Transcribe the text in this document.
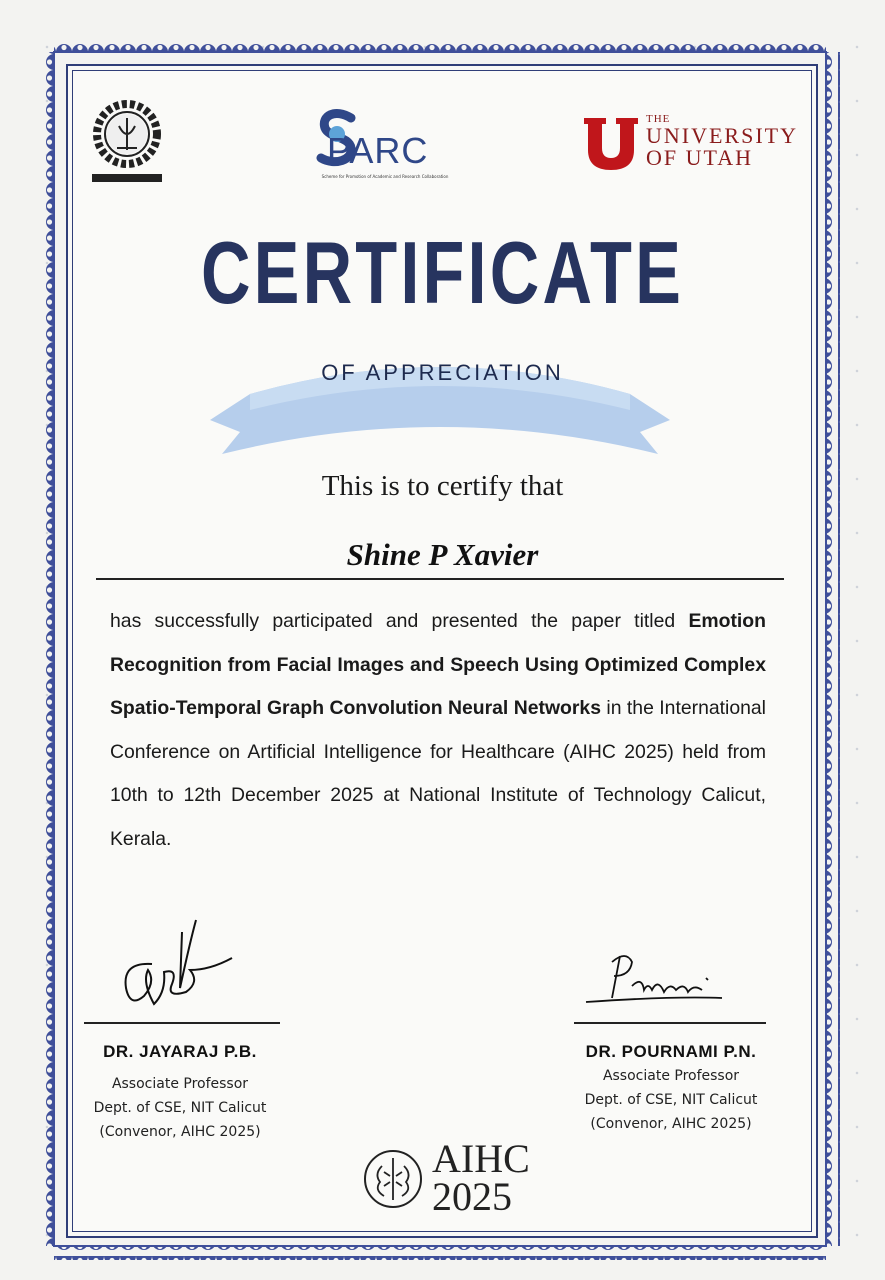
PARC
Scheme for Promotion of Academic and Research Collaboration
THE
UNIVERSITY
OF UTAH
CERTIFICATE
OF APPRECIATION
This is to certify that
Shine P Xavier
has successfully participated and presented the paper titled Emotion Recognition from Facial Images and Speech Using Optimized Complex Spatio-Temporal Graph Convolution Neural Networks in the International Conference on Artificial Intelligence for Healthcare (AIHC 2025) held from 10th to 12th December 2025 at National Institute of Technology Calicut, Kerala.
DR. JAYARAJ P.B.
Associate Professor
Dept. of CSE, NIT Calicut
(Convenor, AIHC 2025)
DR. POURNAMI P.N.
Associate Professor
Dept. of CSE, NIT Calicut
(Convenor, AIHC 2025)
AIHC
2025
